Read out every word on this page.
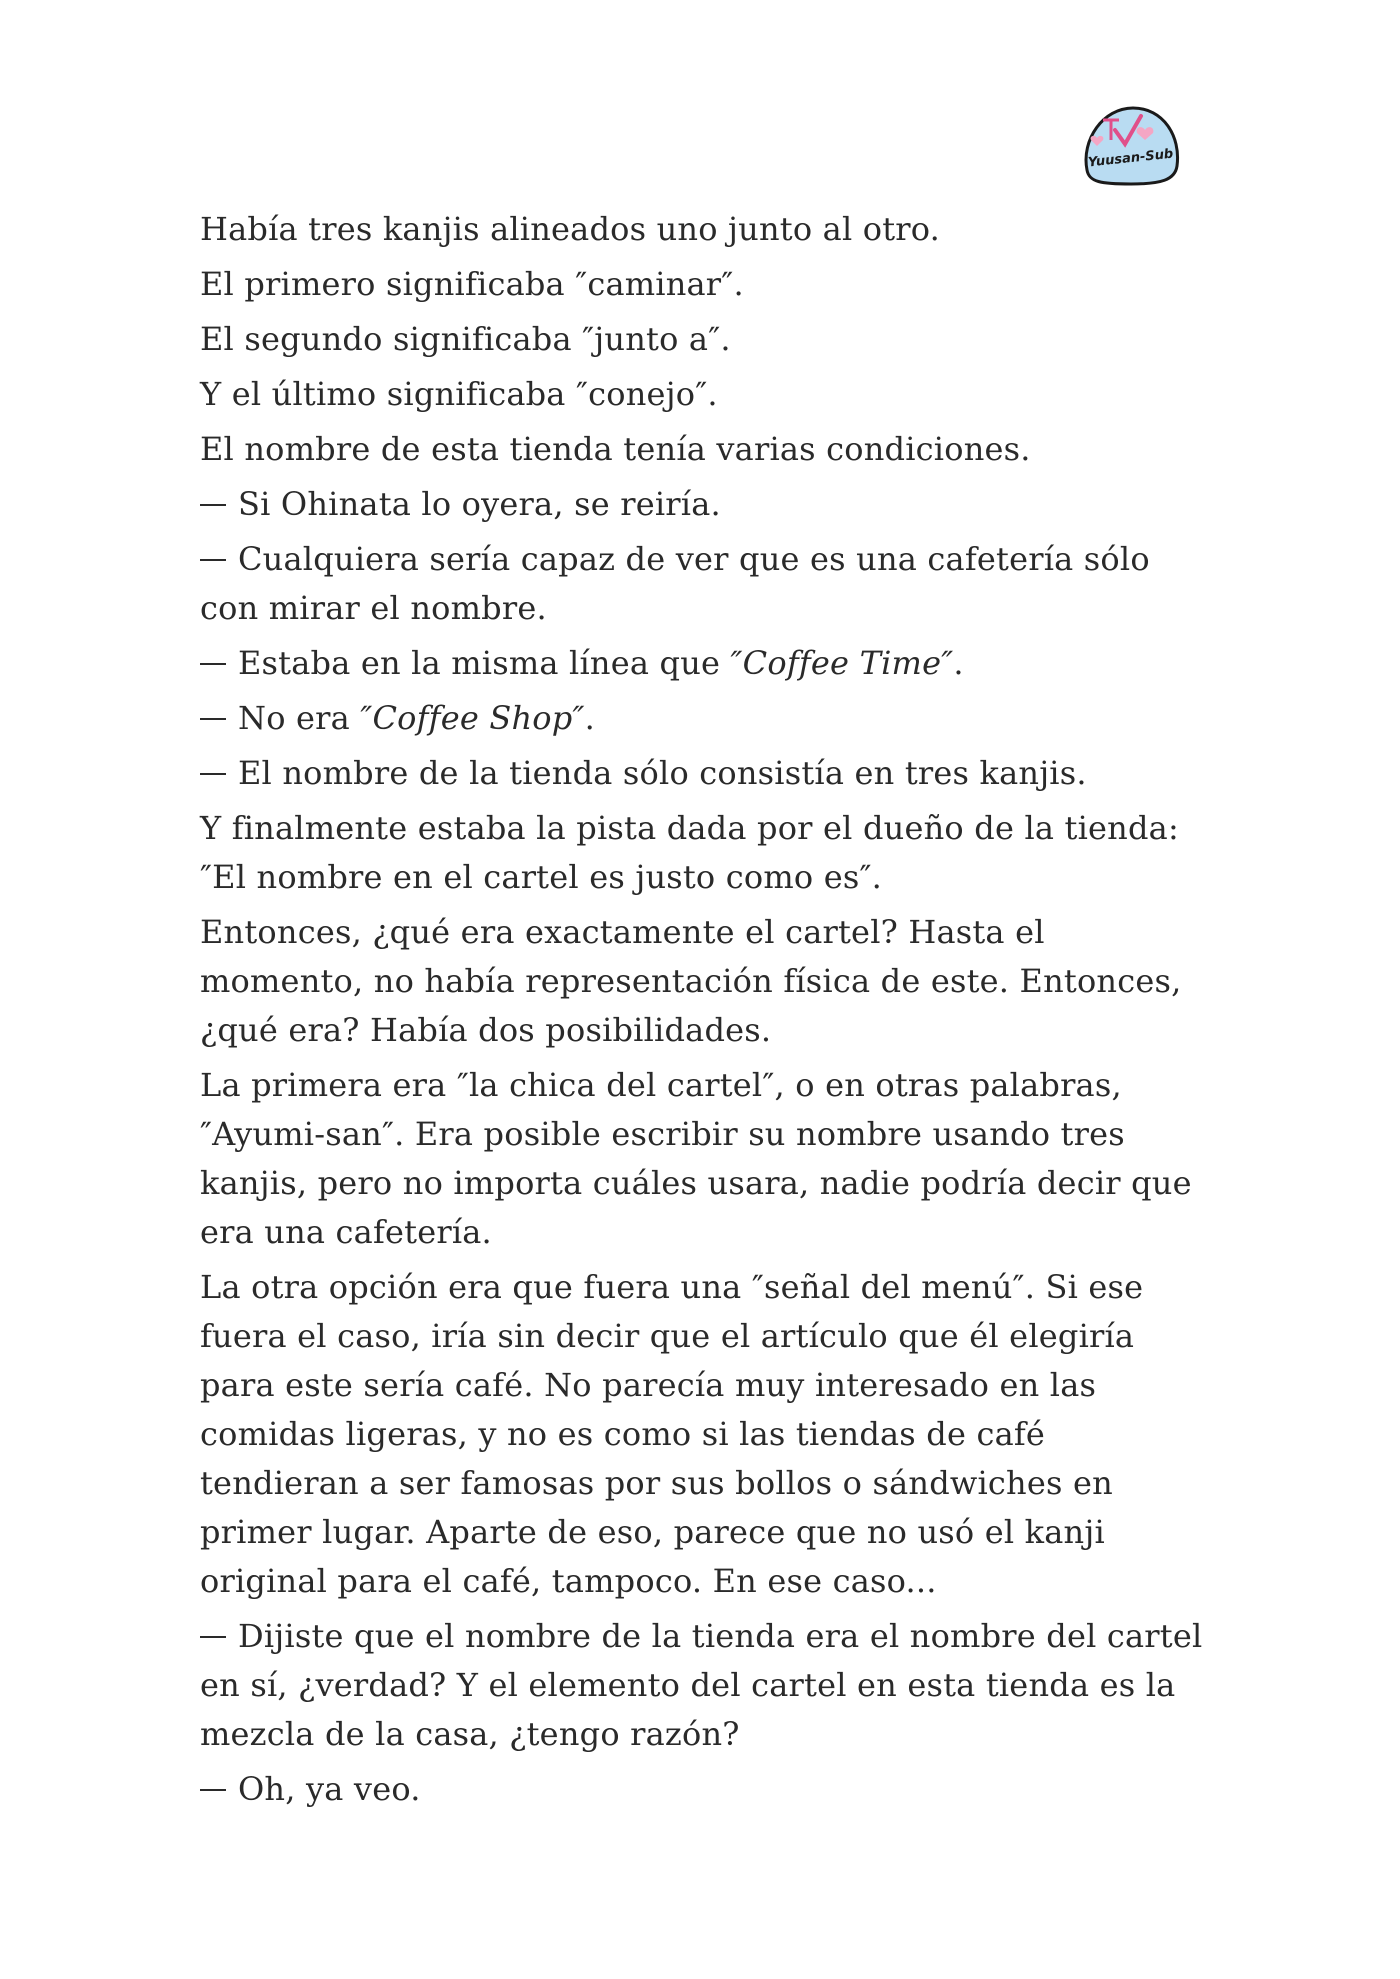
Yuusan-Sub

Había tres kanjis alineados uno junto al otro.

El primero significaba ″caminar″.

El segundo significaba ″junto a″.

Y el último significaba ″conejo″.

El nombre de esta tienda tenía varias condiciones.

Si Ohinata lo oyera, se reiría.

Cualquiera sería capaz de ver que es una cafetería sólo con mirar el nombre.

Estaba en la misma línea que ″Coffee Time″.

No era ″Coffee Shop″.

El nombre de la tienda sólo consistía en tres kanjis.

Y finalmente estaba la pista dada por el dueño de la tienda: ″El nombre en el cartel es justo como es″.

Entonces, ¿qué era exactamente el cartel? Hasta el momento, no había representación física de este. Entonces, ¿qué era? Había dos posibilidades.

La primera era ″la chica del cartel″, o en otras palabras, ″Ayumi-san″. Era posible escribir su nombre usando tres kanjis, pero no importa cuáles usara, nadie podría decir que era una cafetería.

La otra opción era que fuera una ″señal del menú″. Si ese fuera el caso, iría sin decir que el artículo que él elegiría para este sería café. No parecía muy interesado en las comidas ligeras, y no es como si las tiendas de café tendieran a ser famosas por sus bollos o sándwiches en primer lugar. Aparte de eso, parece que no usó el kanji original para el café, tampoco. En ese caso...

Dijiste que el nombre de la tienda era el nombre del cartel en sí, ¿verdad? Y el elemento del cartel en esta tienda es la mezcla de la casa, ¿tengo razón?

Oh, ya veo.
